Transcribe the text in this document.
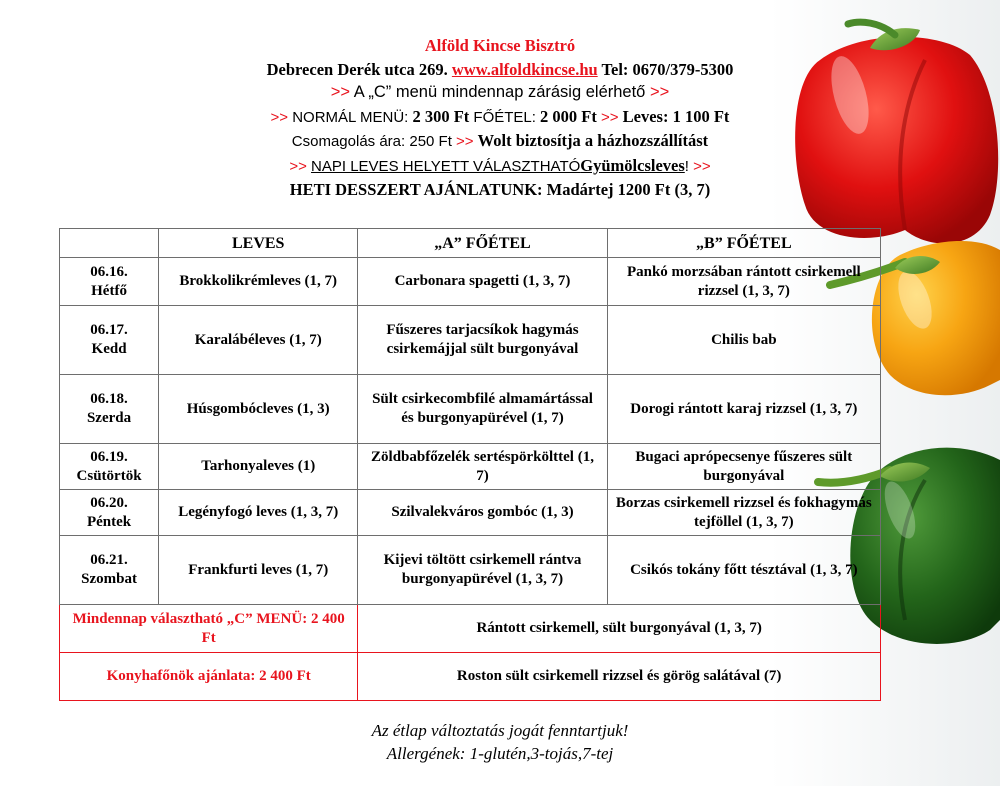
Alföld Kincse Bisztró
Debrecen Derék utca 269. www.alfoldkincse.hu Tel: 0670/379-5300
>> A „C” menü mindennap zárásig elérhető >>
>> NORMÁL MENÜ: 2 300 Ft FŐÉTEL: 2 000 Ft >> Leves: 1 100 Ft
Csomagolás ára: 250 Ft >> Wolt biztosítja a házhozszállítást
>> NAPI LEVES HELYETT VÁLASZTHATÓGyümölcsleves! >>
HETI DESSZERT AJÁNLATUNK: Madártej 1200 Ft (3, 7)
	LEVES	„A” FŐÉTEL	„B” FŐÉTEL
06.16.
Hétfő	Brokkolikrémleves (1, 7)	Carbonara spagetti (1, 3, 7)	Pankó morzsában rántott csirkemell rizzsel (1, 3, 7)
06.17.
Kedd	Karalábéleves (1, 7)	Fűszeres tarjacsíkok hagymás csirkemájjal sült burgonyával	Chilis bab
06.18.
Szerda	Húsgombócleves (1, 3)	Sült csirkecombfilé almamártással és burgonyapürével (1, 7)	Dorogi rántott karaj rizzsel (1, 3, 7)
06.19.
Csütörtök	Tarhonyaleves (1)	Zöldbabfőzelék sertéspörkölttel (1, 7)	Bugaci aprópecsenye fűszeres sült burgonyával
06.20.
Péntek	Legényfogó leves (1, 3, 7)	Szilvalekváros gombóc (1, 3)	Borzas csirkemell rizzsel és fokhagymás tejföllel (1, 3, 7)
06.21.
Szombat	Frankfurti leves (1, 7)	Kijevi töltött csirkemell rántva burgonyapürével (1, 3, 7)	Csikós tokány főtt tésztával (1, 3, 7)
Mindennap választható „C” MENÜ: 2 400 Ft		Rántott csirkemell, sült burgonyával (1, 3, 7)	
Konyhafőnök ajánlata: 2 400 Ft		Roston sült csirkemell rizzsel és görög salátával (7)	
Az étlap változtatás jogát fenntartjuk!
Allergének: 1-glutén,3-tojás,7-tej
